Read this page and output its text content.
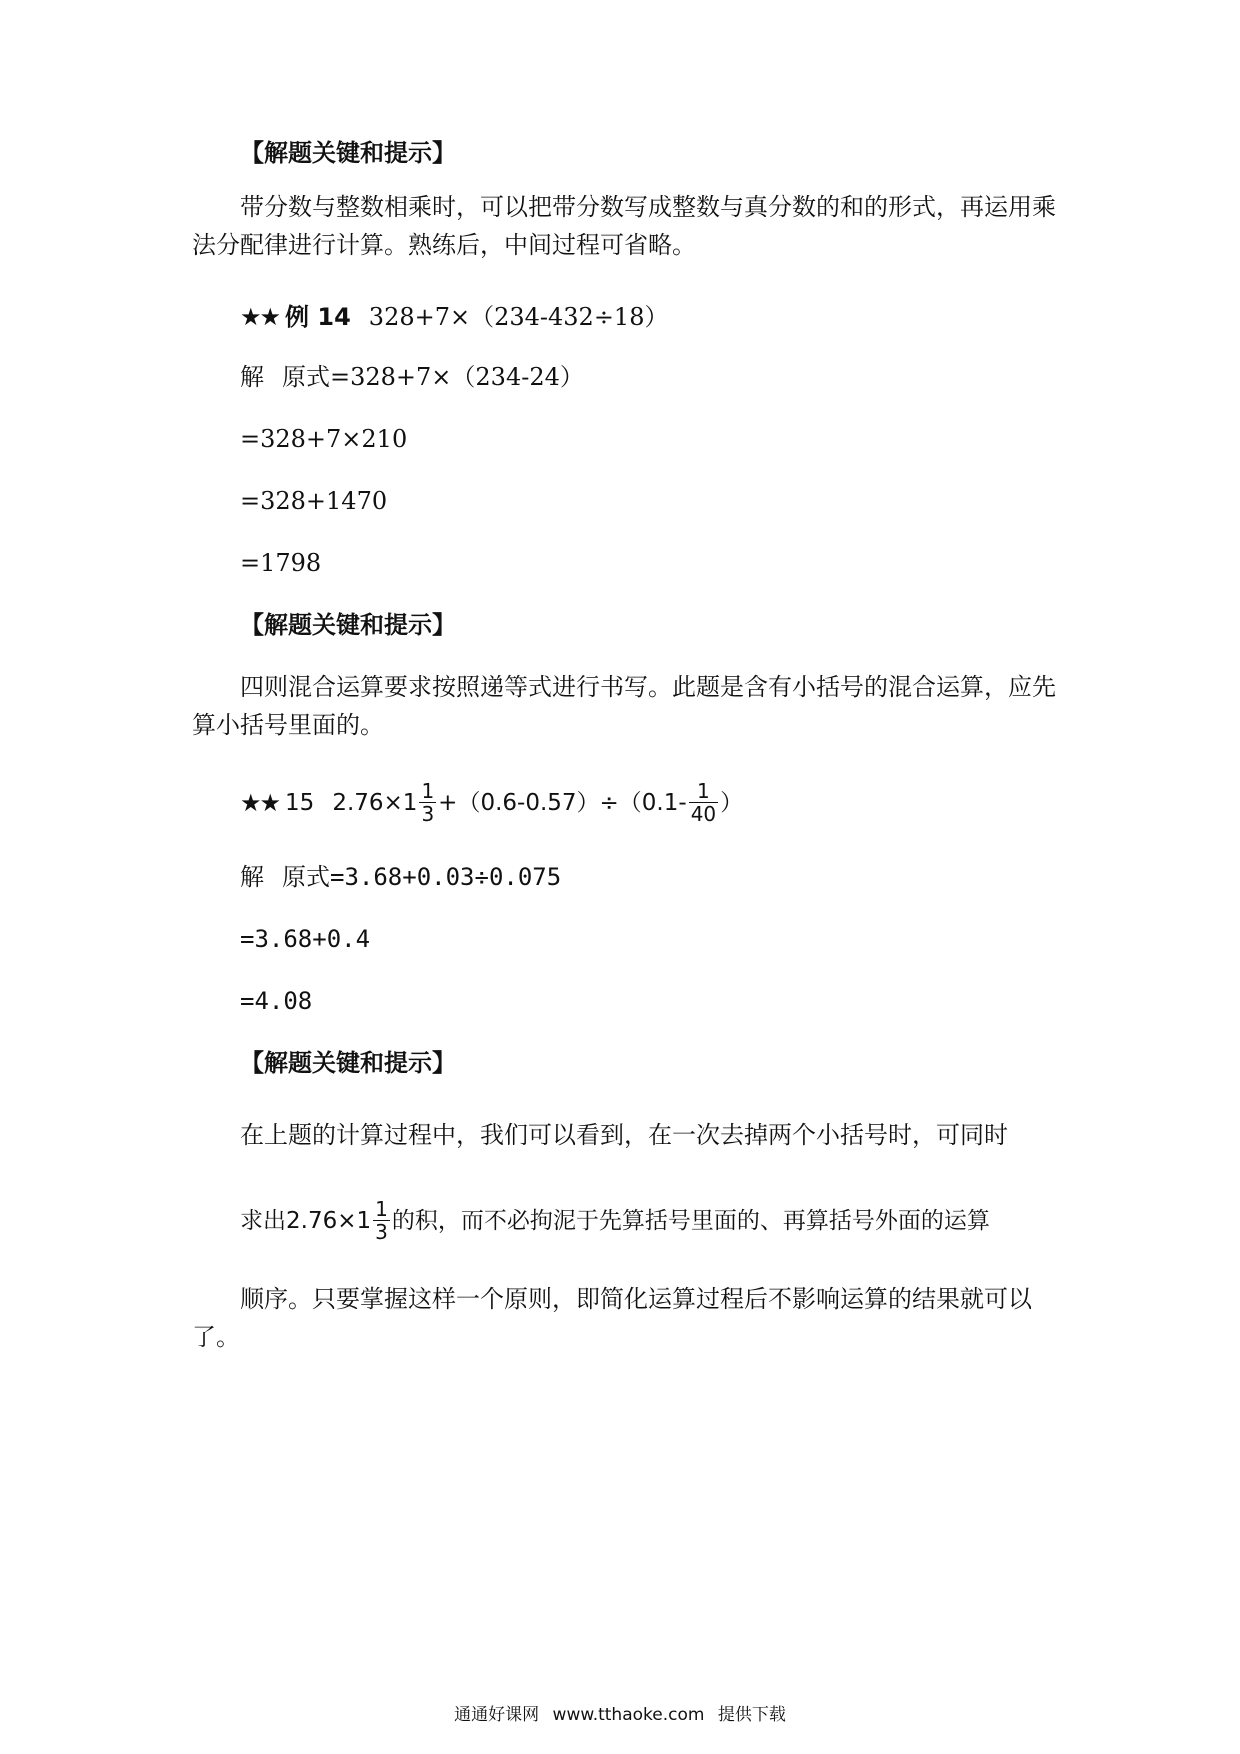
【解题关键和提示】
带分数与整数相乘时，可以把带分数写成整数与真分数的和的形式，再运用乘法分配律进行计算。熟练后，中间过程可省略。
★★ 例 14 328+7×（234-432÷18）
解 原式=328+7×（234-24）
=328+7×210
=328+1470
=1798
【解题关键和提示】
四则混合运算要求按照递等式进行书写。此题是含有小括号的混合运算，应先算小括号里面的。
★★ 15 $2.76\times 1 \frac{1}{3} +(0.6-0.57)\div(0.1- \frac{1}{40}$ ）
解 原式=3.68+0.03÷0.075
=3.68+0.4
=4.08
【解题关键和提示】
在上题的计算过程中，我们可以看到，在一次去掉两个小括号时，可同时
求出$2.76\times 1 \frac{1}{3}$ 的积，而不必拘泥于先算括号里面的、再算括号外面的运算
顺序。只要掌握这样一个原则，即简化运算过程后不影响运算的结果就可以了。
通通好课网 www.tthaoke.com 提供下载
